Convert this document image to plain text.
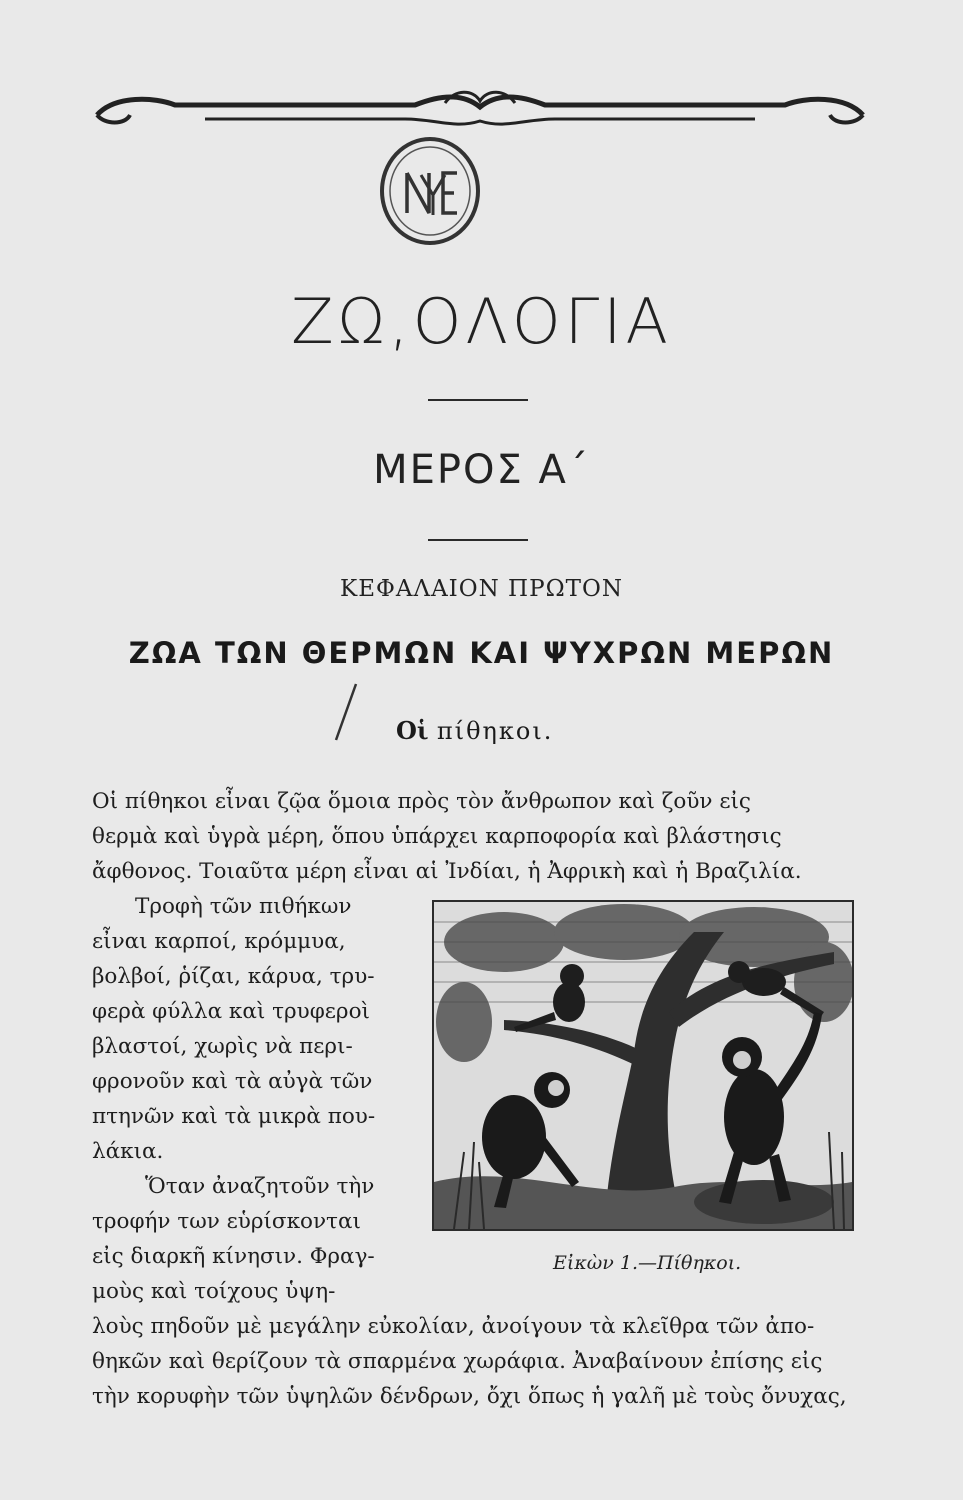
ΖΩ,ΟΛΟΓΙΑ
ΜΕΡΟΣ Α΄
ΚΕΦΑΛΑΙΟΝ ΠΡΩΤΟΝ
ΖΩΑ ΤΩΝ ΘΕΡΜΩΝ ΚΑΙ ΨΥΧΡΩΝ ΜΕΡΩΝ
Οἱ πίθηκοι.
Οἱ πίθηκοι εἶναι ζῷα ὅμοια πρὸς τὸν ἄνθρωπον καὶ ζοῦν εἰς
θερμὰ καὶ ὑγρὰ μέρη, ὅπου ὑπάρχει καρποφορία καὶ βλάστησις
ἄφθονος. Τοιαῦτα μέρη εἶναι αἱ Ἰνδίαι, ἡ Ἀφρικὴ καὶ ἡ Βραζιλία.
Τροφὴ τῶν πιθήκων
εἶναι καρποί, κρόμμυα,
βολβοί, ῥίζαι, κάρυα, τρυ-
φερὰ φύλλα καὶ τρυφεροὶ
βλαστοί, χωρὶς νὰ περι-
φρονοῦν καὶ τὰ αὐγὰ τῶν
πτηνῶν καὶ τὰ μικρὰ που-
λάκια.
Ὅταν ἀναζητοῦν τὴν
τροφήν των εὑρίσκονται
εἰς διαρκῆ κίνησιν. Φραγ-
μοὺς καὶ τοίχους ὑψη-
λοὺς πηδοῦν μὲ μεγάλην εὐκολίαν, ἀνοίγουν τὰ κλεῖθρα τῶν ἀπο-
θηκῶν καὶ θερίζουν τὰ σπαρμένα χωράφια. Ἀναβαίνουν ἐπίσης εἰς
τὴν κορυφὴν τῶν ὑψηλῶν δένδρων, ὄχι ὅπως ἡ γαλῆ μὲ τοὺς ὄνυχας,
Εἰκὼν 1.—Πίθηκοι.
